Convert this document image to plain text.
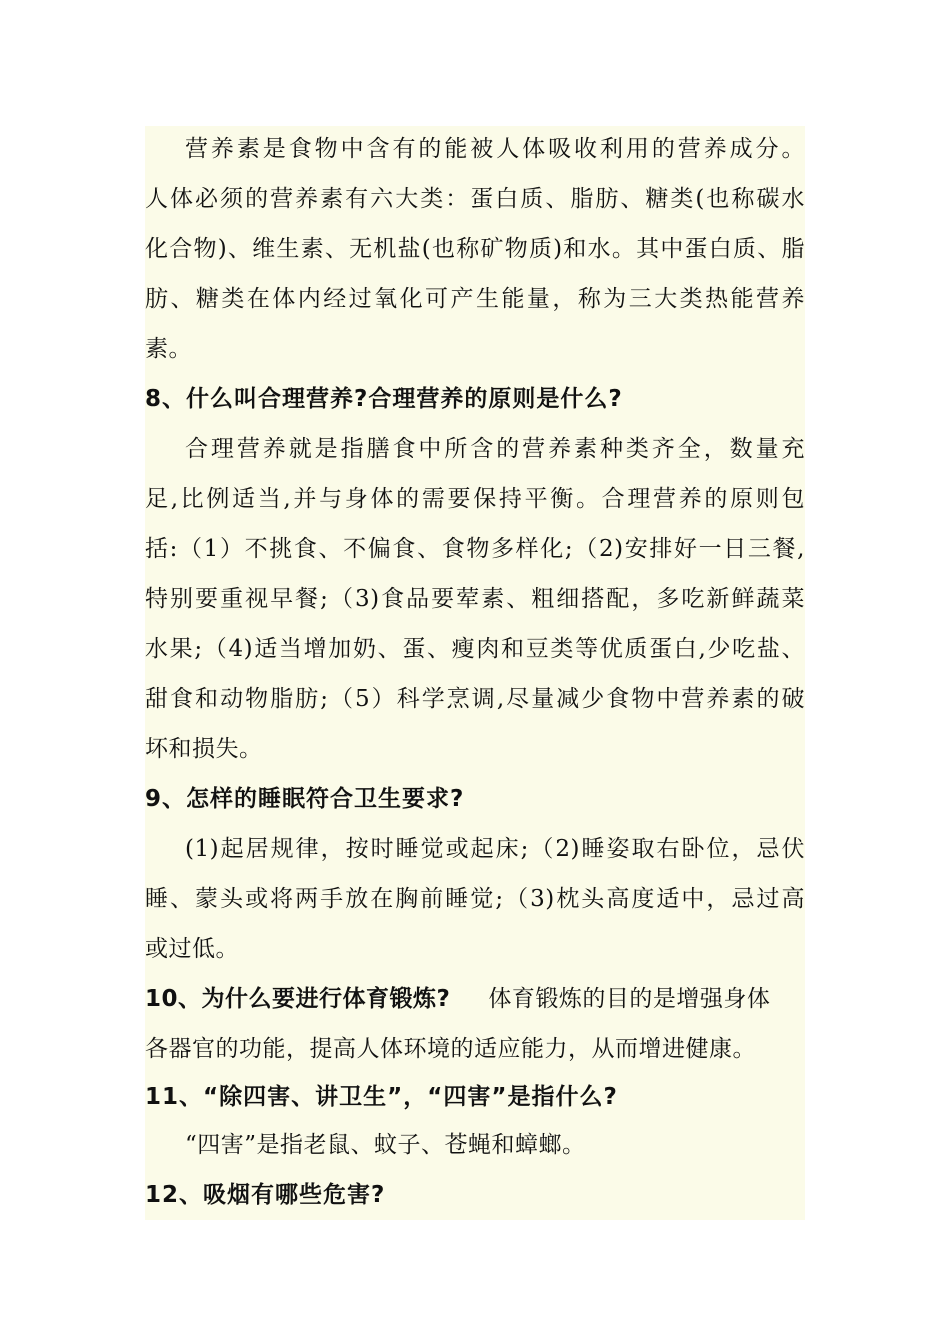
营养素是食物中含有的能被人体吸收利用的营养成分。
人体必须的营养素有六大类：蛋白质、脂肪、糖类(也称碳水
化合物)、维生素、无机盐(也称矿物质)和水。其中蛋白质、脂
肪、糖类在体内经过氧化可产生能量，称为三大类热能营养
素。
8、什么叫合理营养?合理营养的原则是什么?
合理营养就是指膳食中所含的营养素种类齐全，数量充
足,比例适当,并与身体的需要保持平衡。合理营养的原则包
括:（1）不挑食、不偏食、食物多样化;（2)安排好一日三餐,
特别要重视早餐;（3)食品要荤素、粗细搭配，多吃新鲜蔬菜
水果;（4)适当增加奶、蛋、瘦肉和豆类等优质蛋白,少吃盐、
甜食和动物脂肪;（5）科学烹调,尽量减少食物中营养素的破
坏和损失。
9、怎样的睡眠符合卫生要求?
(1)起居规律，按时睡觉或起床;（2)睡姿取右卧位，忌伏
睡、蒙头或将两手放在胸前睡觉;（3)枕头高度适中，忌过高
或过低。
10、为什么要进行体育锻炼? 体育锻炼的目的是增强身体
各器官的功能，提高人体环境的适应能力，从而增进健康。
11、“除四害、讲卫生”，“四害”是指什么?
“四害”是指老鼠、蚊子、苍蝇和蟑螂。
12、吸烟有哪些危害?
